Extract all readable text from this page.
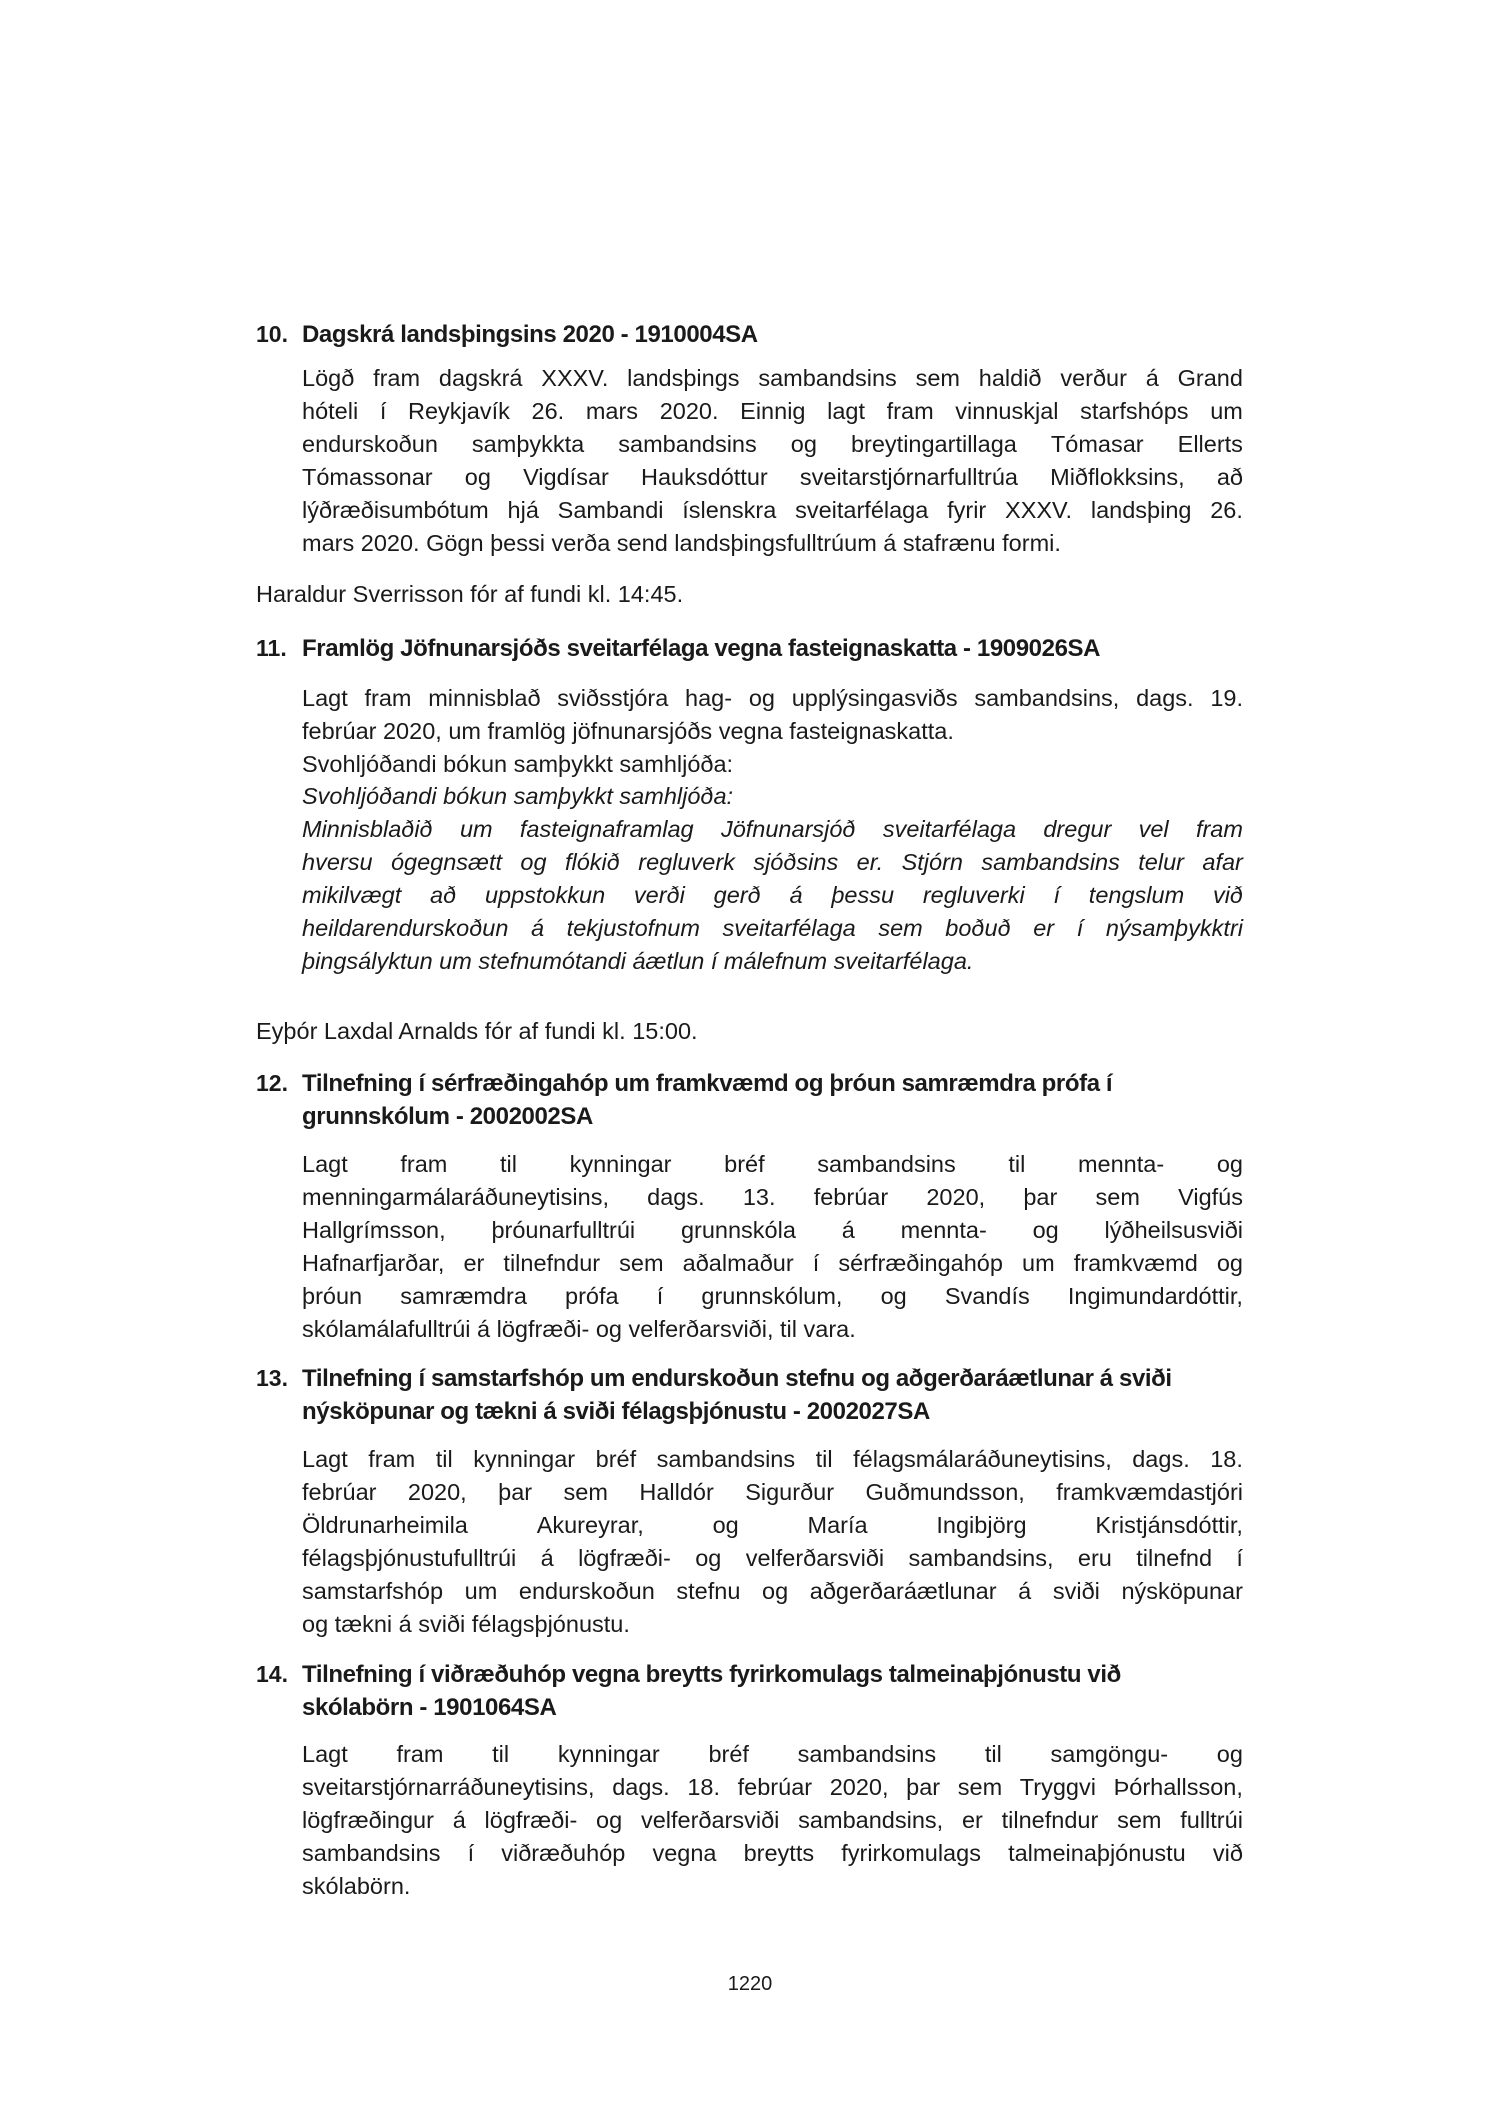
10. Dagskrá landsþingsins 2020 - 1910004SA
Lögð fram dagskrá XXXV. landsþings sambandsins sem haldið verður á Grand
hóteli í Reykjavík 26. mars 2020. Einnig lagt fram vinnuskjal starfshóps um
endurskoðun samþykkta sambandsins og breytingartillaga Tómasar Ellerts
Tómassonar og Vigdísar Hauksdóttur sveitarstjórnarfulltrúa Miðflokksins, að
lýðræðisumbótum hjá Sambandi íslenskra sveitarfélaga fyrir XXXV. landsþing 26.
mars 2020. Gögn þessi verða send landsþingsfulltrúum á stafrænu formi.
Haraldur Sverrisson fór af fundi kl. 14:45.
11. Framlög Jöfnunarsjóðs sveitarfélaga vegna fasteignaskatta - 1909026SA
Lagt fram minnisblað sviðsstjóra hag- og upplýsingasviðs sambandsins, dags. 19.
febrúar 2020, um framlög jöfnunarsjóðs vegna fasteignaskatta.
Svohljóðandi bókun samþykkt samhljóða:
Svohljóðandi bókun samþykkt samhljóða:
Minnisblaðið um fasteignaframlag Jöfnunarsjóð sveitarfélaga dregur vel fram
hversu ógegnsætt og flókið regluverk sjóðsins er. Stjórn sambandsins telur afar
mikilvægt að uppstokkun verði gerð á þessu regluverki í tengslum við
heildarendurskoðun á tekjustofnum sveitarfélaga sem boðuð er í nýsamþykktri
þingsályktun um stefnumótandi áætlun í málefnum sveitarfélaga.
Eyþór Laxdal Arnalds fór af fundi kl. 15:00.
12. Tilnefning í sérfræðingahóp um framkvæmd og þróun samræmdra prófa í
grunnskólum - 2002002SA
Lagt fram til kynningar bréf sambandsins til mennta- og
menningarmálaráðuneytisins, dags. 13. febrúar 2020, þar sem Vigfús
Hallgrímsson, þróunarfulltrúi grunnskóla á mennta- og lýðheilsusviði
Hafnarfjarðar, er tilnefndur sem aðalmaður í sérfræðingahóp um framkvæmd og
þróun samræmdra prófa í grunnskólum, og Svandís Ingimundardóttir,
skólamálafulltrúi á lögfræði- og velferðarsviði, til vara.
13. Tilnefning í samstarfshóp um endurskoðun stefnu og aðgerðaráætlunar á sviði
nýsköpunar og tækni á sviði félagsþjónustu - 2002027SA
Lagt fram til kynningar bréf sambandsins til félagsmálaráðuneytisins, dags. 18.
febrúar 2020, þar sem Halldór Sigurður Guðmundsson, framkvæmdastjóri
Öldrunarheimila	Akureyrar,	og	María	Ingibjörg	Kristjánsdóttir,
félagsþjónustufulltrúi á lögfræði- og velferðarsviði sambandsins, eru tilnefnd í
samstarfshóp um endurskoðun stefnu og aðgerðaráætlunar á sviði nýsköpunar
og tækni á sviði félagsþjónustu.
14. Tilnefning í viðræðuhóp vegna breytts fyrirkomulags talmeinaþjónustu við
skólabörn - 1901064SA
Lagt fram til kynningar bréf sambandsins til samgöngu- og
sveitarstjórnarráðuneytisins, dags. 18. febrúar 2020, þar sem Tryggvi Þórhallsson,
lögfræðingur á lögfræði- og velferðarsviði sambandsins, er tilnefndur sem fulltrúi
sambandsins í viðræðuhóp vegna breytts fyrirkomulags talmeinaþjónustu við
skólabörn.
1220
